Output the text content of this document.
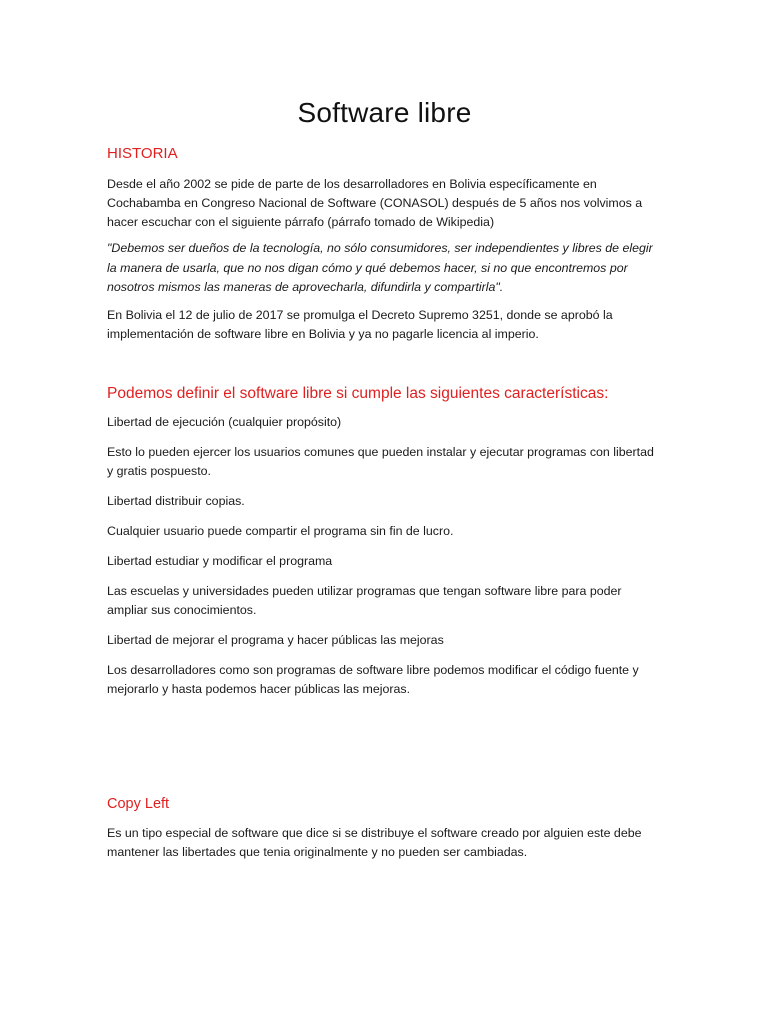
Software libre
HISTORIA

Desde el año 2002 se pide de parte de los desarrolladores en Bolivia específicamente en Cochabamba en Congreso Nacional de Software (CONASOL) después de 5 años nos volvimos a hacer escuchar con el siguiente párrafo (párrafo tomado de Wikipedia)

"Debemos ser dueños de la tecnología, no sólo consumidores, ser independientes y libres de elegir la manera de usarla, que no nos digan cómo y qué debemos hacer, si no que encontremos por nosotros mismos las maneras de aprovecharla, difundirla y compartirla".

En Bolivia el 12 de julio de 2017 se promulga el Decreto Supremo 3251, donde se aprobó la implementación de software libre en Bolivia y ya no pagarle licencia al imperio.

Podemos definir el software libre si cumple las siguientes características:

Libertad de ejecución (cualquier propósito)

Esto lo pueden ejercer los usuarios comunes que pueden instalar y ejecutar programas con libertad y gratis pospuesto.

Libertad distribuir copias.

Cualquier usuario puede compartir el programa sin fin de lucro.

Libertad estudiar y modificar el programa

Las escuelas y universidades pueden utilizar programas que tengan software libre para poder ampliar sus conocimientos.

Libertad de mejorar el programa y hacer públicas las mejoras

Los desarrolladores como son programas de software libre podemos modificar el código fuente y mejorarlo y hasta podemos hacer públicas las mejoras.

Copy Left

Es un tipo especial de software que dice si se distribuye el software creado por alguien este debe mantener las libertades que tenia originalmente y no pueden ser cambiadas.
